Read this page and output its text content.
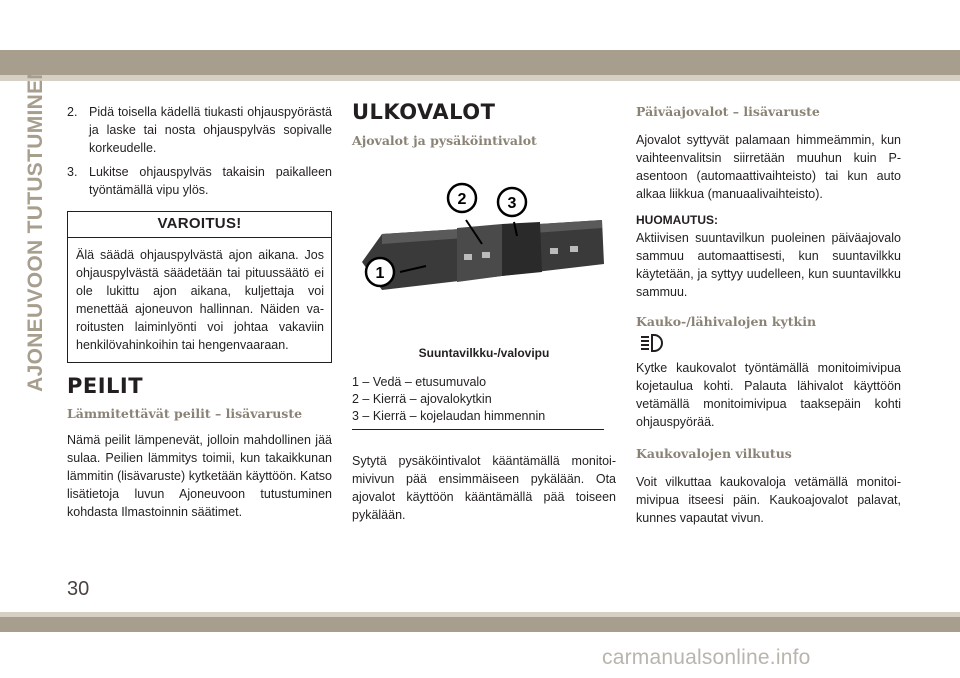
AJONEUVOON TUTUSTUMINEN 2. Pidä toisella kädellä tiukasti ohjauspyörästä ja laske tai nosta ohjauspylväs sopivalle korkeudelle.
3. Lukitse ohjauspylväs takaisin paikalleen työntämällä vipu ylös.
VAROITUS!
Älä säädä ohjauspylvästä ajon aikana. Jos ohjauspylvästä säädetään tai pituussäätö ei ole lukittu ajon aikana, kuljettaja voi menettää ajoneuvon hallinnan. Näiden varoitusten laiminlyönti voi johtaa vakaviin henkilövahinkoihin tai hengenvaaraan.
PEILIT
Lämmitettävät peilit – lisävaruste

Nämä peilit lämpenevät, jolloin mahdollinen jää sulaa. Peilien lämmitys toimii, kun takaikkunan lämmitin (lisävaruste) kytketään käyttöön. Katso lisätietoja luvun Ajoneuvoon tutustuminen kohdasta Ilmastoinnin säätimet.

ULKOVALOT
Ajovalot ja pysäköintivalot
2	3
1
Suuntavilkku-/valovipu
1 – Vedä – etusumuvalo
2 – Kierrä – ajovalokytkin
3 – Kierrä – kojelaudan himmennin

Sytytä pysäköintivalot kääntämällä monitoimivivun pää ensimmäiseen pykälään. Ota ajovalot käyttöön kääntämällä pää toiseen pykälään.

Päiväajovalot – lisävaruste

Ajovalot syttyvät palamaan himmeämmin, kun vaihteenvalitsin siirretään muuhun kuin P-asentoon (automaattivaihteisto) tai kun auto alkaa liikkua (manuaalivaihteisto).

HUOMAUTUS:

Aktiivisen suuntavilkun puoleinen päiväajovalo sammuu automaattisesti, kun suuntavilkku käytetään, ja syttyy uudelleen, kun suuntavilkku sammuu.

Kauko-/lähivalojen kytkin

Kytke kaukovalot työntämällä monitoimivipua kojetaulua kohti. Palauta lähivalot käyttöön vetämällä monitoimivipua taaksepäin kohti ohjauspyörää.

Kaukovalojen vilkutus

Voit vilkuttaa kaukovaloja vetämällä monitoimivipua itseesi päin. Kaukoajovalot palavat, kunnes vapautat vivun.

30
carmanualsonline.info
